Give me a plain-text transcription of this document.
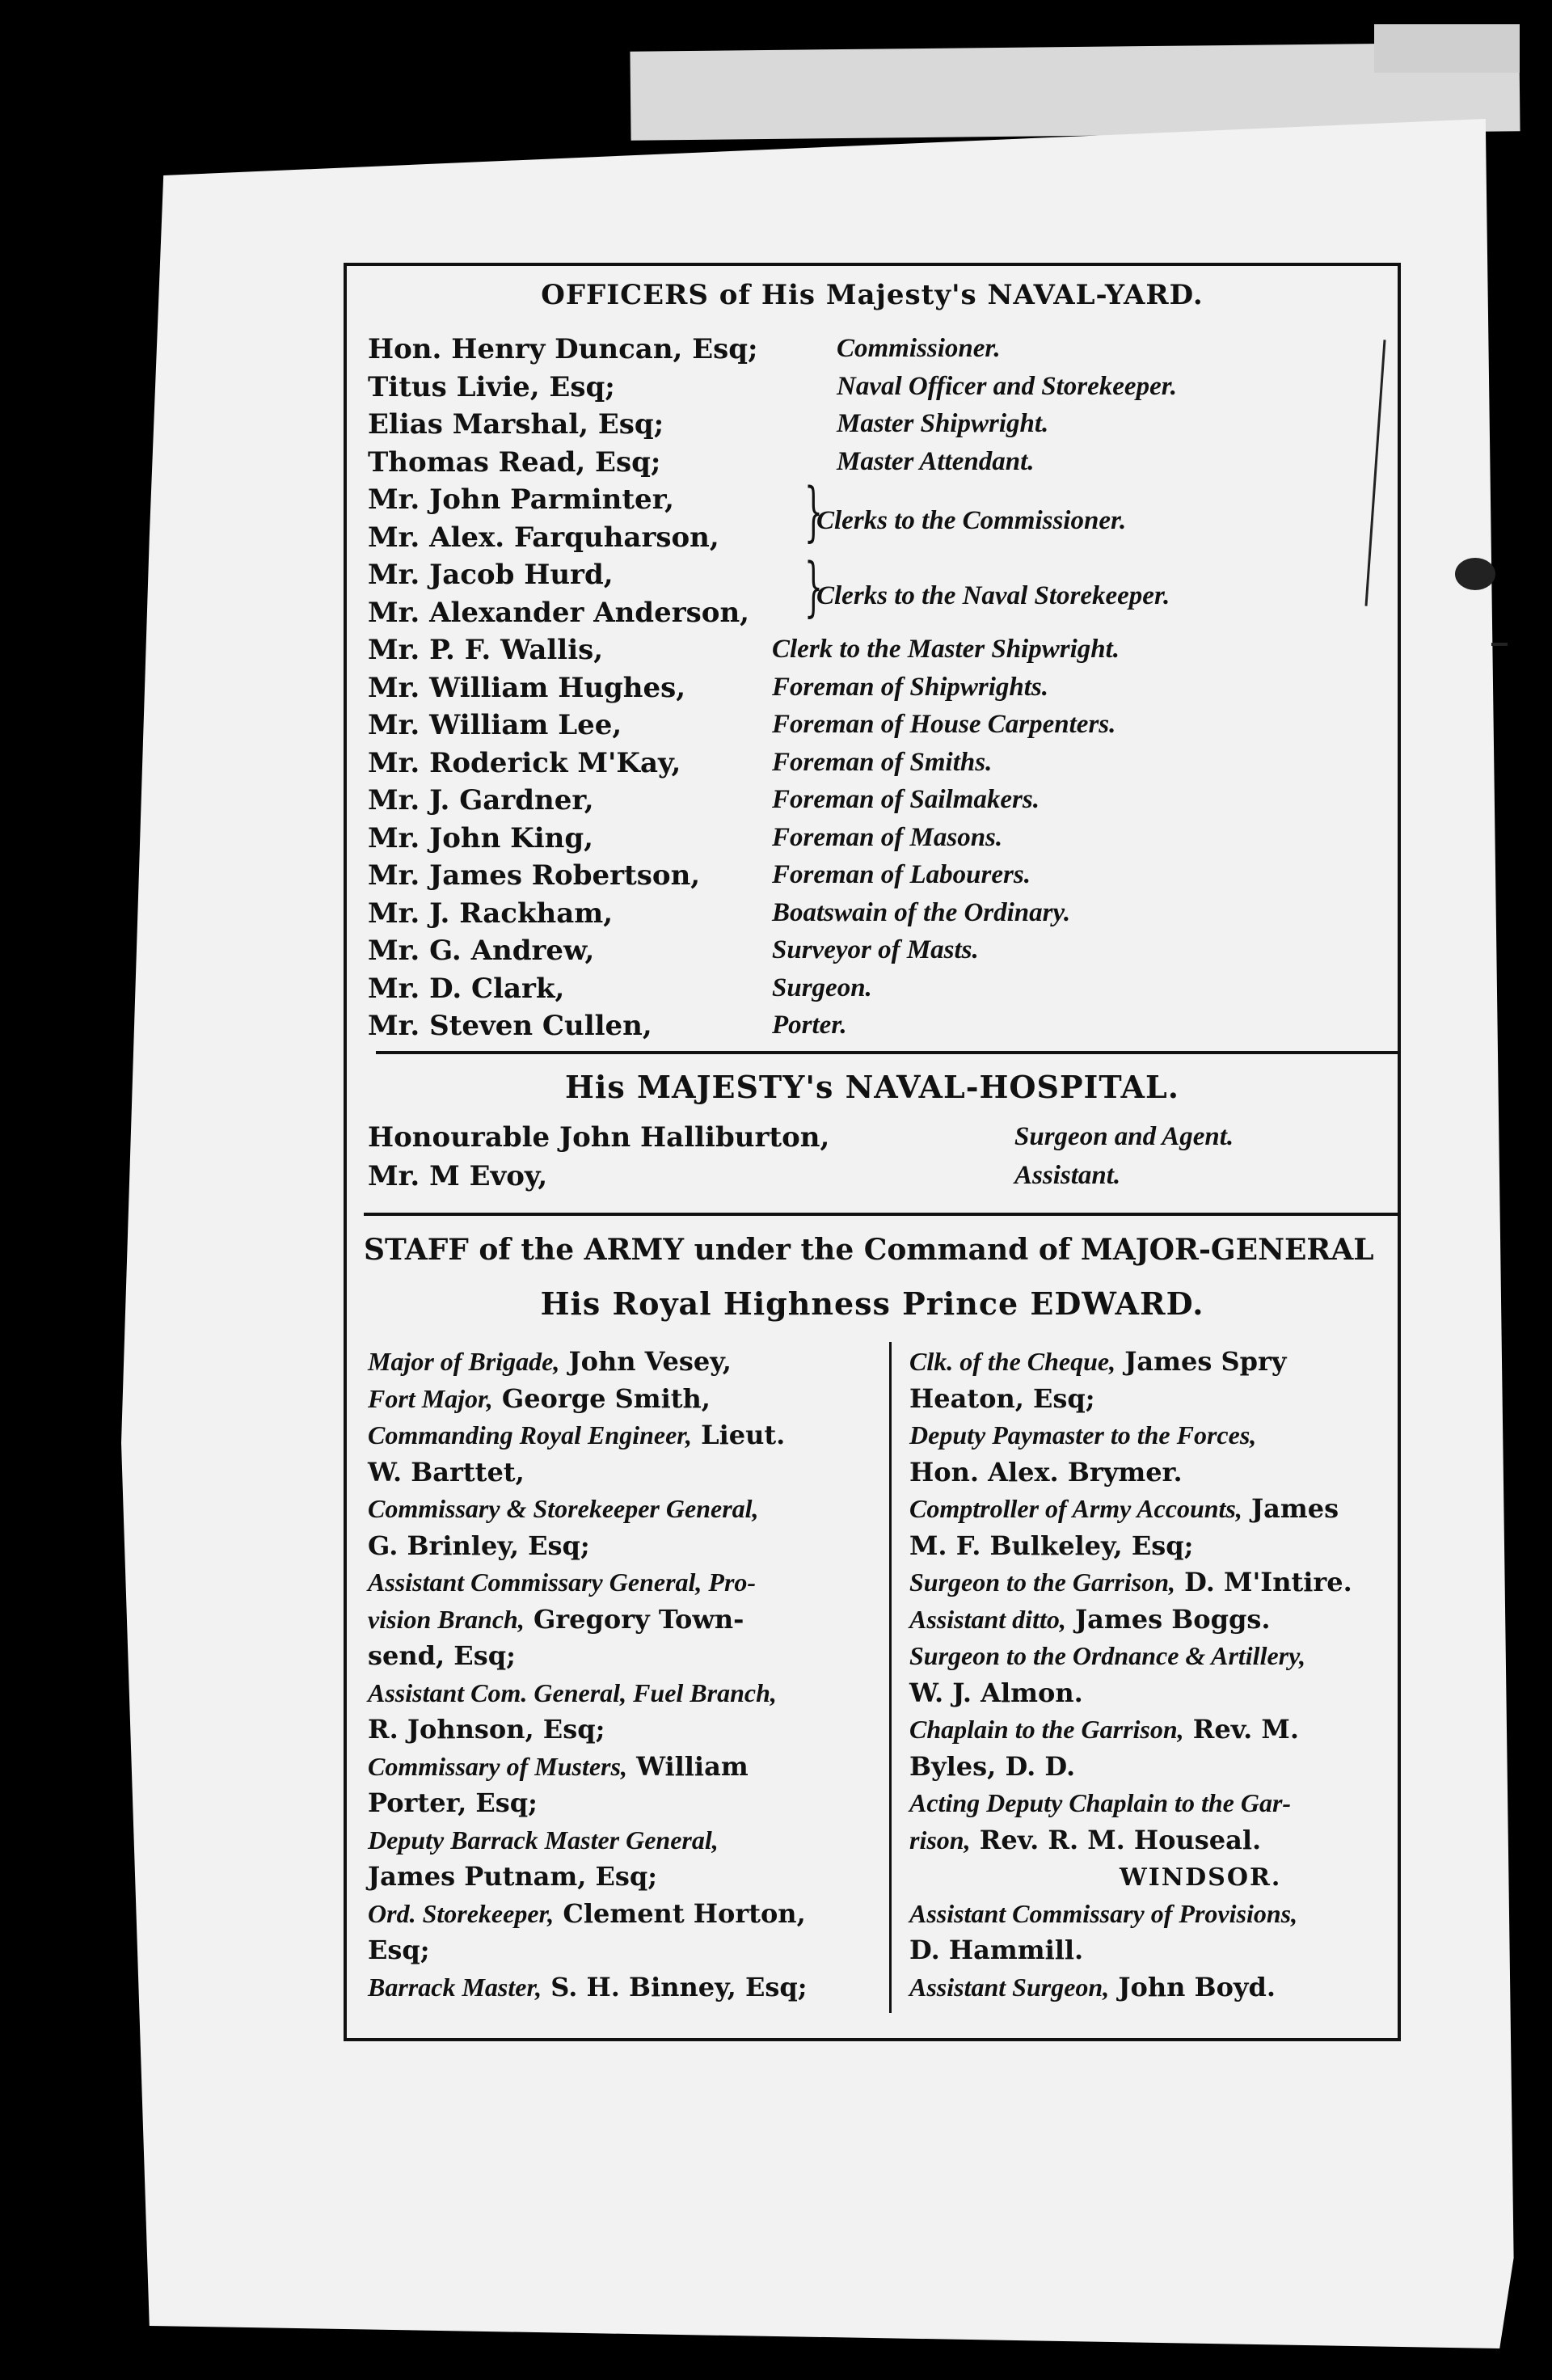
OFFICERS of His Majesty's NAVAL-YARD.
Hon. Henry Duncan, Esq;	Commissioner.
Titus Livie, Esq;	Naval Officer and Storekeeper.
Elias Marshal, Esq;	Master Shipwright.
Thomas Read, Esq;	Master Attendant.
Mr. John Parminter,
Mr. Alex. Farquharson,
Clerks to the Commissioner.
Mr. Jacob Hurd,
Mr. Alexander Anderson,
Clerks to the Naval Storekeeper.
Mr. P. F. Wallis,	Clerk to the Master Shipwright.
Mr. William Hughes,	Foreman of Shipwrights.
Mr. William Lee,	Foreman of House Carpenters.
Mr. Roderick M'Kay,	Foreman of Smiths.
Mr. J. Gardner,	Foreman of Sailmakers.
Mr. John King,	Foreman of Masons.
Mr. James Robertson,	Foreman of Labourers.
Mr. J. Rackham,	Boatswain of the Ordinary.
Mr. G. Andrew,	Surveyor of Masts.
Mr. D. Clark,	Surgeon.
Mr. Steven Cullen,	Porter.
}
}
His MAJESTY's NAVAL-HOSPITAL.
Honourable John Halliburton,	Surgeon and Agent.
Mr. M Evoy,	Assistant.
STAFF of the ARMY under the Command of MAJOR-GENERAL
His Royal Highness Prince EDWARD.
Major of Brigade, John Vesey,
Fort Major, George Smith,
Commanding Royal Engineer, Lieut.
W. Barttet,
Commissary & Storekeeper General,
G. Brinley, Esq;
Assistant Commissary General, Pro-
vision Branch, Gregory Town-
send, Esq;
Assistant Com. General, Fuel Branch,
R. Johnson, Esq;
Commissary of Musters, William
Porter, Esq;
Deputy Barrack Master General,
James Putnam, Esq;
Ord. Storekeeper, Clement Horton,
Esq;
Barrack Master, S. H. Binney, Esq;
Clk. of the Cheque, James Spry
Heaton, Esq;
Deputy Paymaster to the Forces,
Hon. Alex. Brymer.
Comptroller of Army Accounts, James
M. F. Bulkeley, Esq;
Surgeon to the Garrison, D. M'Intire.
Assistant ditto, James Boggs.
Surgeon to the Ordnance & Artillery,
W. J. Almon.
Chaplain to the Garrison, Rev. M.
Byles, D. D.
Acting Deputy Chaplain to the Gar-
rison, Rev. R. M. Houseal.
WINDSOR.
Assistant Commissary of Provisions,
D. Hammill.
Assistant Surgeon, John Boyd.
